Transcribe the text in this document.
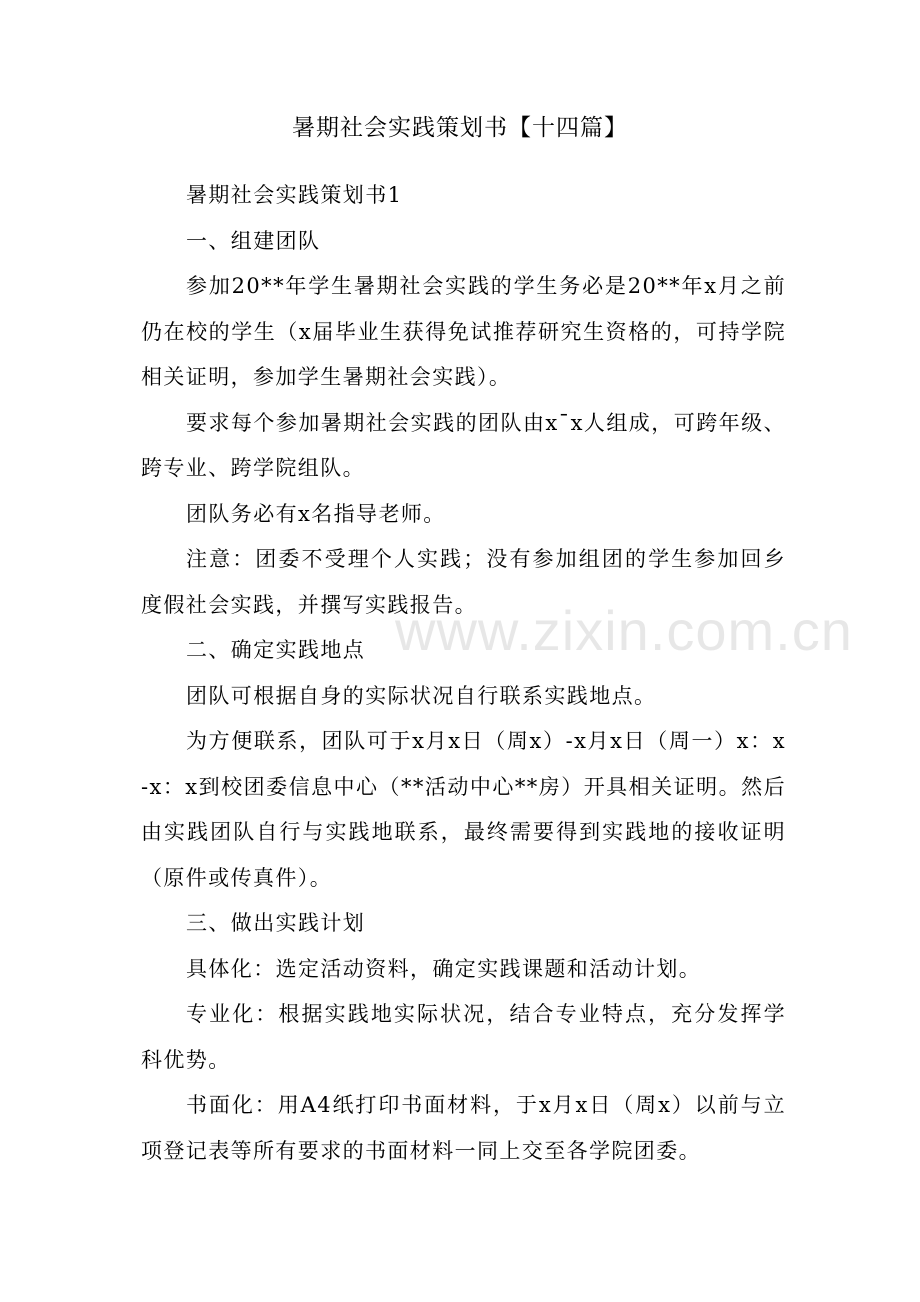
暑期社会实践策划书【十四篇】

暑期社会实践策划书1

一、组建团队

参加20**年学生暑期社会实践的学生务必是20**年x月之前仍在校的学生（x届毕业生获得免试推荐研究生资格的，可持学院相关证明，参加学生暑期社会实践）。

要求每个参加暑期社会实践的团队由x¯x人组成，可跨年级、跨专业、跨学院组队。

团队务必有x名指导老师。

注意：团委不受理个人实践；没有参加组团的学生参加回乡度假社会实践，并撰写实践报告。

二、确定实践地点

团队可根据自身的实际状况自行联系实践地点。

为方便联系，团队可于x月x日（周x）-x月x日（周一）x：x-x：x到校团委信息中心（**活动中心**房）开具相关证明。然后由实践团队自行与实践地联系，最终需要得到实践地的接收证明（原件或传真件）。

三、做出实践计划

具体化：选定活动资料，确定实践课题和活动计划。

专业化：根据实践地实际状况，结合专业特点，充分发挥学科优势。

书面化：用A4纸打印书面材料，于x月x日（周x）以前与立项登记表等所有要求的书面材料一同上交至各学院团委。

www.zixin.com.cn
